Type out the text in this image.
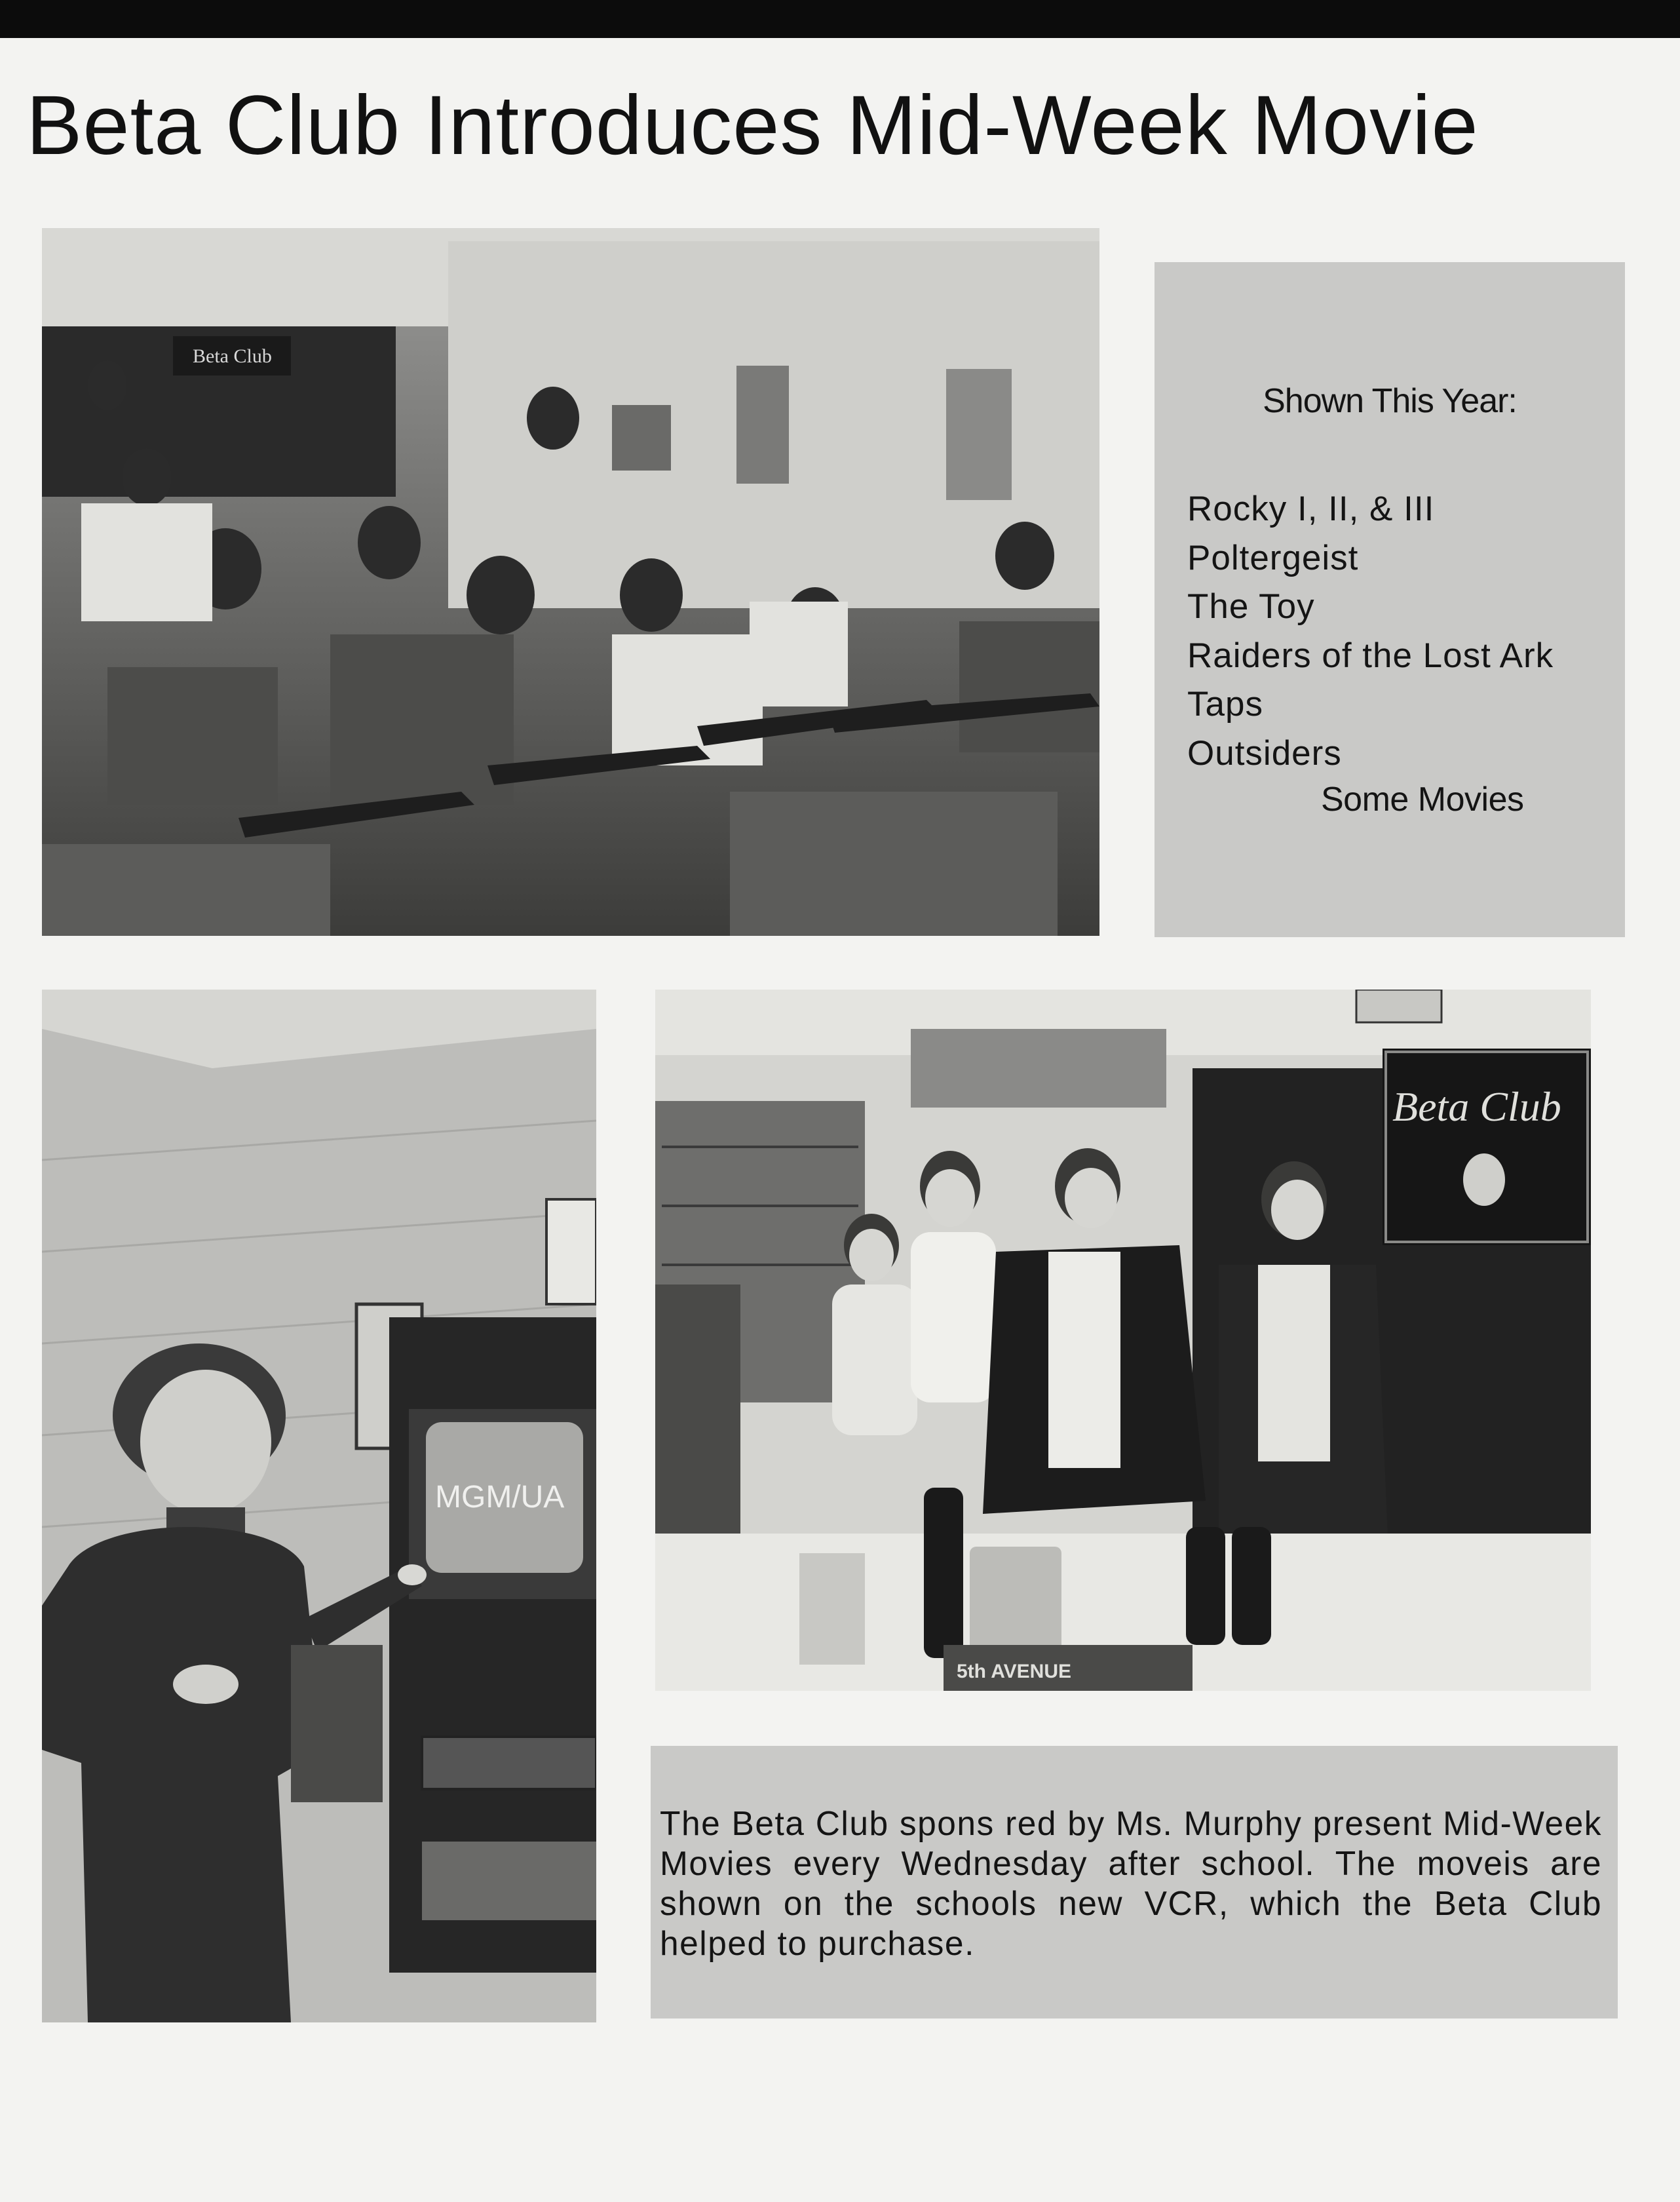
Beta Club Introduces Mid-Week Movie
Beta Club
Shown This Year:
Rocky I, II, & III
Poltergeist
The Toy
Raiders of the Lost Ark
Taps
Outsiders
Some Movies
MGM/UA
Beta Club
5th AVENUE

The Beta Club spons red by Ms. Murphy present Mid-Week Movies every Wednesday after school. The moveis are shown on the schools new VCR, which the Beta Club helped to purchase.
